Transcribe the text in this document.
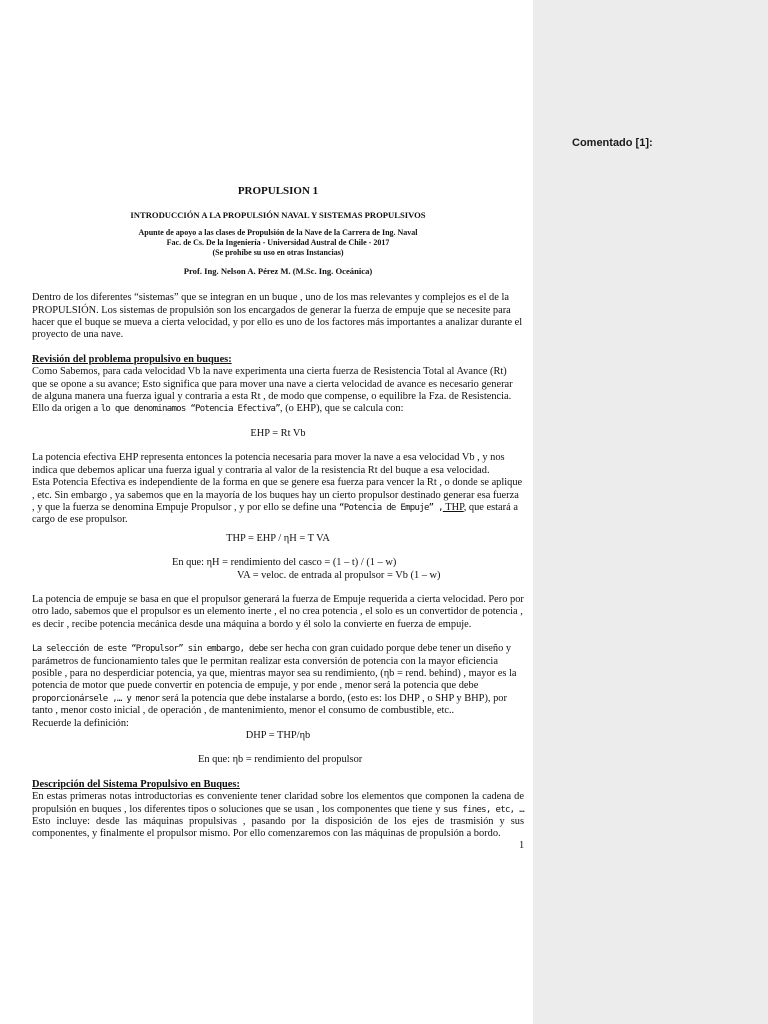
Comentado [1]:
PROPULSION 1
INTRODUCCIÓN A LA PROPULSIÓN NAVAL Y SISTEMAS PROPULSIVOS
Apunte de apoyo a las clases de Propulsión de la Nave de la Carrera de Ing. Naval
Fac. de Cs. De la Ingeniería - Universidad Austral de Chile - 2017
(Se prohíbe su uso en otras Instancias)
Prof. Ing. Nelson A. Pérez M. (M.Sc. Ing. Oceánica)
Dentro de los diferentes “sistemas” que se integran en un buque , uno de los mas relevantes y complejos es el de la PROPULSIÓN. Los sistemas de propulsión son los encargados de generar la fuerza de empuje que se necesite para hacer que el buque se mueva a cierta velocidad, y por ello es uno de los factores más importantes a analizar durante el proyecto de una nave.
Revisión del problema propulsivo en buques:
Como Sabemos, para cada velocidad Vb la nave experimenta una cierta fuerza de Resistencia Total al Avance (Rt) que se opone a su avance; Esto significa que para mover una nave a cierta velocidad de avance es necesario generar de alguna manera una fuerza igual y contraria a esta Rt , de modo que compense, o equilibre la Fza. de Resistencia. Ello da origen a lo que denominamos “Potencia Efectiva”, (o EHP), que se calcula con:
EHP = Rt Vb
La potencia efectiva EHP representa entonces la potencia necesaria para mover la nave a esa velocidad Vb , y nos indica que debemos aplicar una fuerza igual y contraria al valor de la resistencia Rt del buque a esa velocidad.
Esta Potencia Efectiva es independiente de la forma en que se genere esa fuerza para vencer la Rt , o donde se aplique , etc. Sin embargo , ya sabemos que en la mayoría de los buques hay un cierto propulsor destinado generar esa fuerza , y que la fuerza se denomina Empuje Propulsor , y por ello se define una “Potencia de Empuje” , THP, que estará a cargo de ese propulsor.
THP = EHP / ηH = T VA
En que: ηH = rendimiento del casco = (1 – t) / (1 – w)
VA = veloc. de entrada al propulsor = Vb (1 – w)
La potencia de empuje se basa en que el propulsor generará la fuerza de Empuje requerida a cierta velocidad. Pero por otro lado, sabemos que el propulsor es un elemento inerte , el no crea potencia , el solo es un convertidor de potencia , es decir , recibe potencia mecánica desde una máquina a bordo y él solo la convierte en fuerza de empuje.
La selección de este “Propulsor” sin embargo, debe ser hecha con gran cuidado porque debe tener un diseño y parámetros de funcionamiento tales que le permitan realizar esta conversión de potencia con la mayor eficiencia posible , para no desperdiciar potencia, ya que, mientras mayor sea su rendimiento, (ηb = rend. behind) , mayor es la potencia de motor que puede convertir en potencia de empuje, y por ende , menor será la potencia que debe proporcionársele ,… y menor será la potencia que debe instalarse a bordo, (esto es: los DHP , o SHP y BHP), por tanto , menor costo inicial , de operación , de mantenimiento, menor el consumo de combustible, etc..
Recuerde la definición:
DHP = THP/ηb
En que: ηb = rendimiento del propulsor
Descripción del Sistema Propulsivo en Buques:
En estas primeras notas introductorias es conveniente tener claridad sobre los elementos que componen la cadena de propulsión en buques , los diferentes tipos o soluciones que se usan , los componentes que tiene y sus fines, etc, … Esto incluye: desde las máquinas propulsivas , pasando por la disposición de los ejes de trasmisión y sus componentes, y finalmente el propulsor mismo. Por ello comenzaremos con las máquinas de propulsión a bordo.
1
